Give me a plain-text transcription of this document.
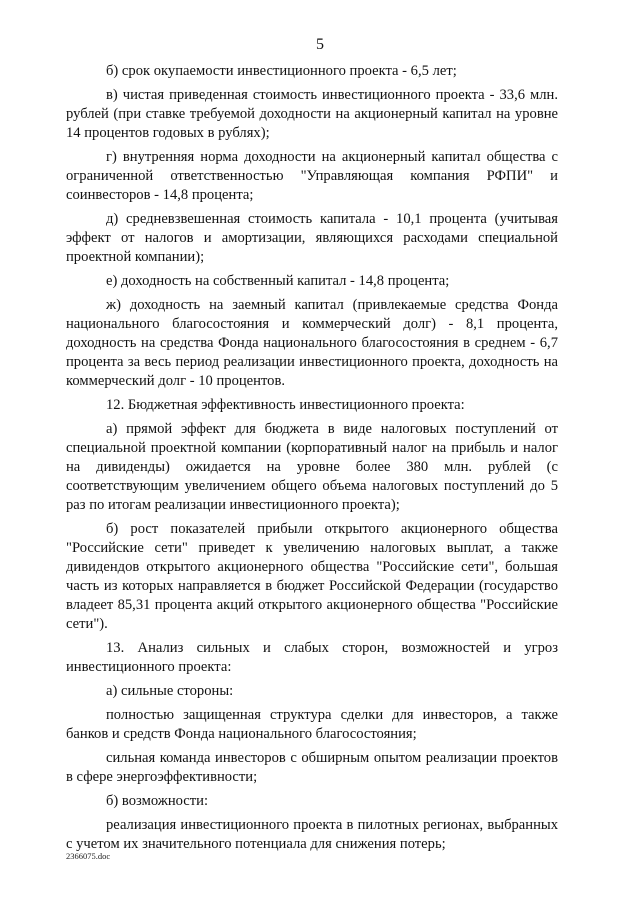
5

б) срок окупаемости инвестиционного проекта - 6,5 лет;

в) чистая приведенная стоимость инвестиционного проекта - 33,6 млн. рублей (при ставке требуемой доходности на акционерный капитал на уровне 14 процентов годовых в рублях);

г) внутренняя норма доходности на акционерный капитал общества с ограниченной ответственностью "Управляющая компания РФПИ" и соинвесторов - 14,8 процента;

д) средневзвешенная стоимость капитала - 10,1 процента (учитывая эффект от налогов и амортизации, являющихся расходами специальной проектной компании);

е) доходность на собственный капитал - 14,8 процента;

ж) доходность на заемный капитал (привлекаемые средства Фонда национального благосостояния и коммерческий долг) - 8,1 процента, доходность на средства Фонда национального благосостояния в среднем - 6,7 процента за весь период реализации инвестиционного проекта, доходность на коммерческий долг - 10 процентов.

12. Бюджетная эффективность инвестиционного проекта:

а) прямой эффект для бюджета в виде налоговых поступлений от специальной проектной компании (корпоративный налог на прибыль и налог на дивиденды) ожидается на уровне более 380 млн. рублей (с соответствующим увеличением общего объема налоговых поступлений до 5 раз по итогам реализации инвестиционного проекта);

б) рост показателей прибыли открытого акционерного общества "Российские сети" приведет к увеличению налоговых выплат, а также дивидендов открытого акционерного общества "Российские сети", большая часть из которых направляется в бюджет Российской Федерации (государство владеет 85,31 процента акций открытого акционерного общества "Российские сети").

13. Анализ сильных и слабых сторон, возможностей и угроз инвестиционного проекта:

а) сильные стороны:

полностью защищенная структура сделки для инвесторов, а также банков и средств Фонда национального благосостояния;

сильная команда инвесторов с обширным опытом реализации проектов в сфере энергоэффективности;

б) возможности:

реализация инвестиционного проекта в пилотных регионах, выбранных с учетом их значительного потенциала для снижения потерь;

2366075.doc
